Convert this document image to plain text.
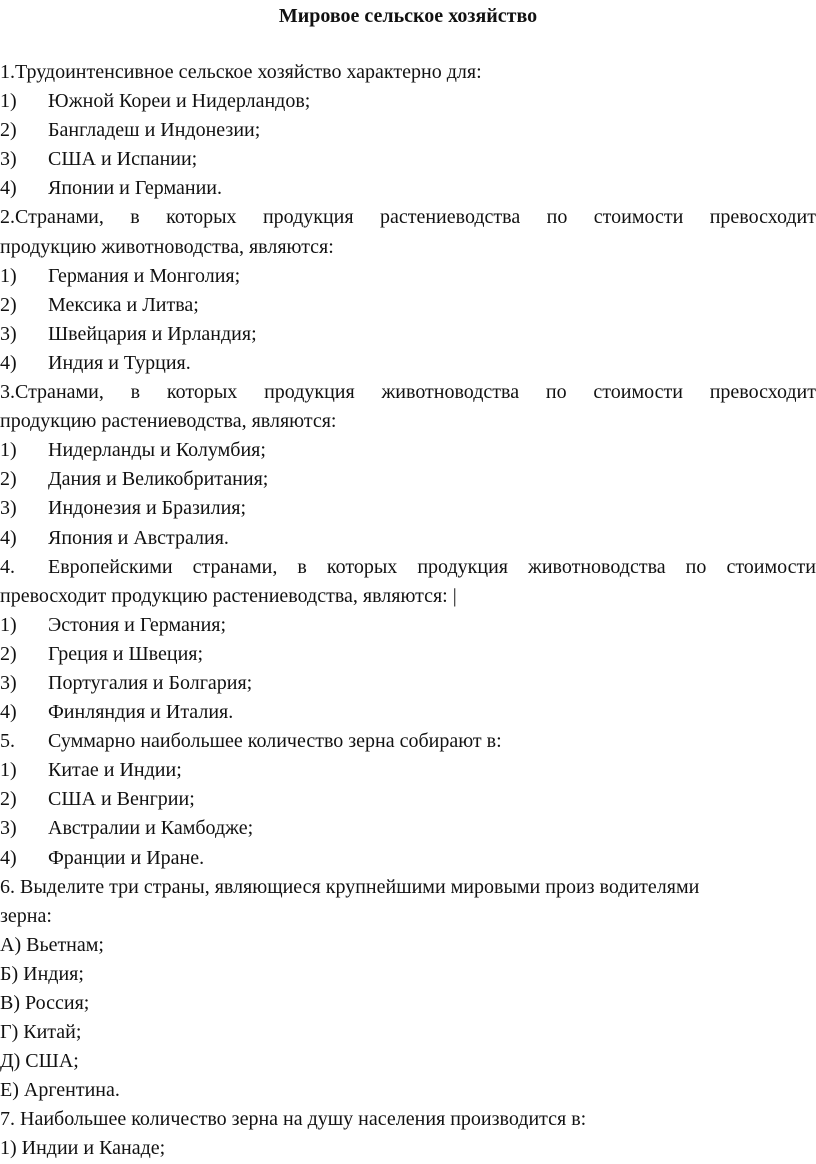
Мировое сельское хозяйство
1.Трудоинтенсивное сельское хозяйство характерно для:
1) Южной Кореи и Нидерландов;
2) Бангладеш и Индонезии;
3) США и Испании;
4) Японии и Германии.
2.Странами, в которых продукция растениеводства по стоимости превосходит
продукцию животноводства, являются:
1) Германия и Монголия;
2) Мексика и Литва;
3) Швейцария и Ирландия;
4) Индия и Турция.
3.Странами, в которых продукция животноводства по стоимости превосходит
продукцию растениеводства, являются:
1) Нидерланды и Колумбия;
2) Дания и Великобритания;
3) Индонезия и Бразилия;
4) Япония и Австралия.
4. Европейскими странами, в которых продукция животноводства по стоимости
превосходит продукцию растениеводства, являются: |
1) Эстония и Германия;
2) Греция и Швеция;
3) Португалия и Болгария;
4) Финляндия и Италия.
5. Суммарно наибольшее количество зерна собирают в:
1) Китае и Индии;
2) США и Венгрии;
3) Австралии и Камбодже;
4) Франции и Иране.
6. Выделите три страны, являющиеся крупнейшими мировыми произ водителями
зерна:
А) Вьетнам;
Б) Индия;
В) Россия;
Г) Китай;
Д) США;
Е) Аргентина.
7. Наибольшее количество зерна на душу населения производится в:
1) Индии и Канаде;
